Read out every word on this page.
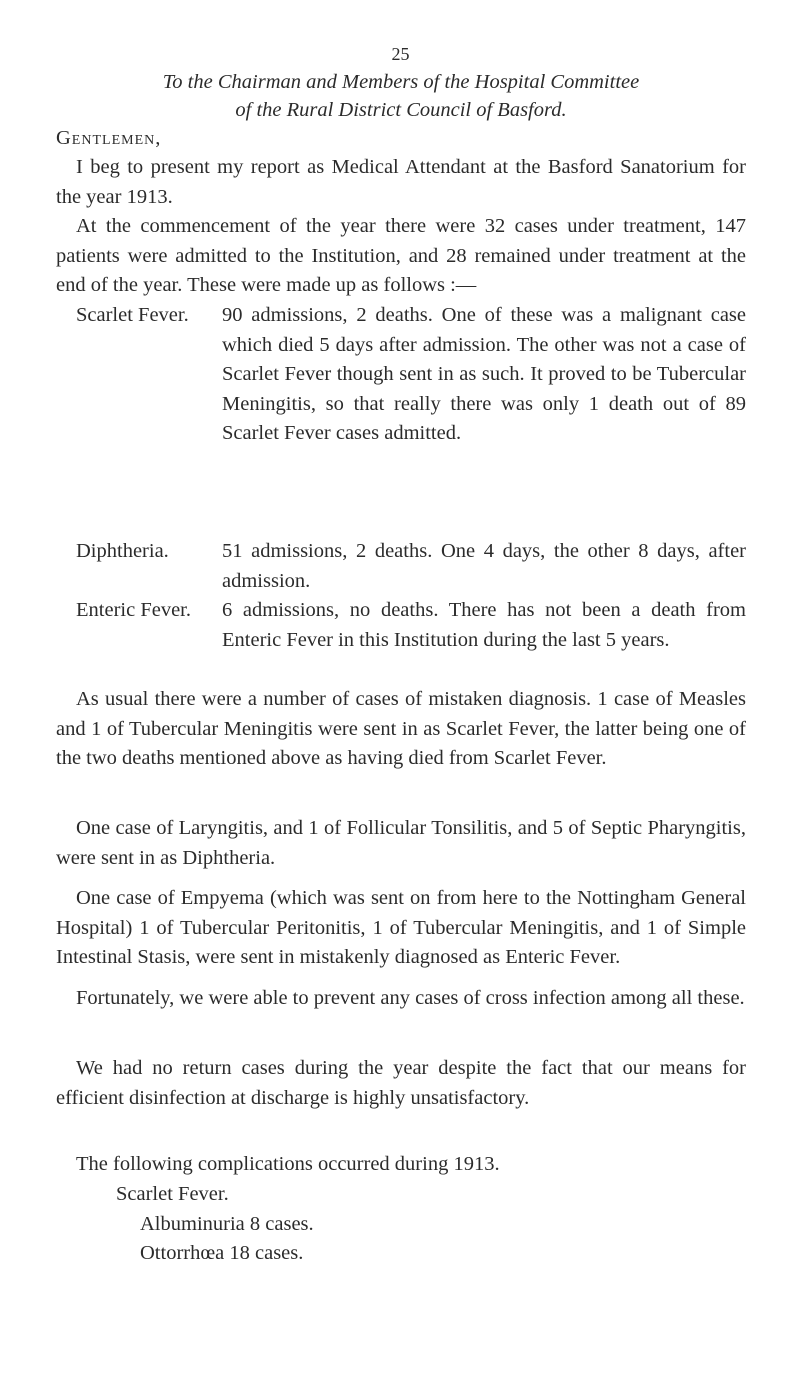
25
To the Chairman and Members of the Hospital Committee
of the Rural District Council of Basford.
Gentlemen,

I beg to present my report as Medical Attendant at the Basford Sanatorium for the year 1913.

At the commencement of the year there were 32 cases under treatment, 147 patients were admitted to the Institution, and 28 remained under treatment at the end of the year. These were made up as follows :—

Scarlet Fever.	90 admissions, 2 deaths. One of these was a malignant case which died 5 days after admission. The other was not a case of Scarlet Fever though sent in as such. It proved to be Tubercular Meningitis, so that really there was only 1 death out of 89 Scarlet Fever cases admitted.
Diphtheria.	51 admissions, 2 deaths. One 4 days, the other 8 days, after admission.
Enteric Fever.	6 admissions, no deaths. There has not been a death from Enteric Fever in this Institution during the last 5 years.

As usual there were a number of cases of mistaken diagnosis. 1 case of Measles and 1 of Tubercular Meningitis were sent in as Scarlet Fever, the latter being one of the two deaths mentioned above as having died from Scarlet Fever.

One case of Laryngitis, and 1 of Follicular Tonsilitis, and 5 of Septic Pharyngitis, were sent in as Diphtheria.

One case of Empyema (which was sent on from here to the Nottingham General Hospital) 1 of Tubercular Peritonitis, 1 of Tubercular Meningitis, and 1 of Simple Intestinal Stasis, were sent in mistakenly diagnosed as Enteric Fever.

Fortunately, we were able to prevent any cases of cross infection among all these.

We had no return cases during the year despite the fact that our means for efficient disinfection at discharge is highly unsatisfactory.

The following complications occurred during 1913.

Scarlet Fever.
Albuminuria 8 cases.
Ottorrhœa 18 cases.
